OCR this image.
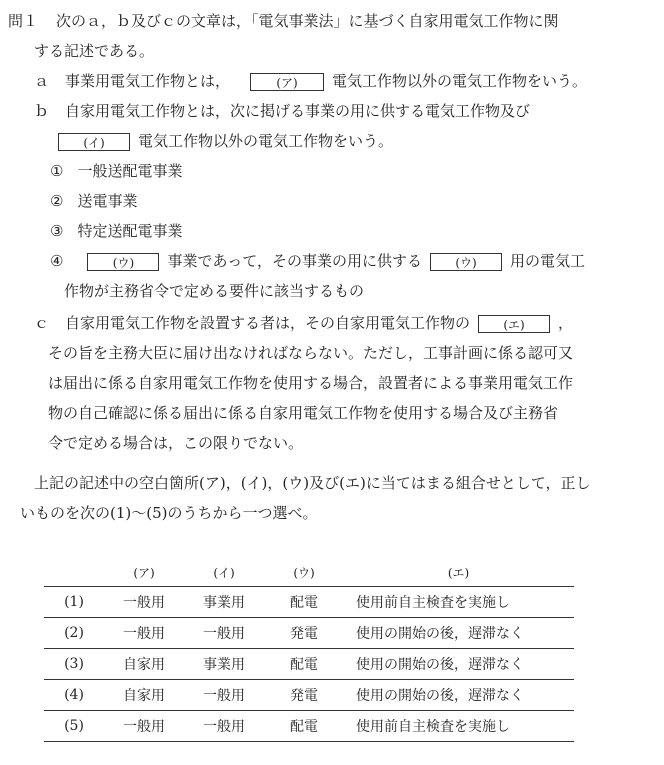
問１ 次のａ，ｂ及びｃの文章は，「電気事業法」に基づく自家用電気工作物に関
する記述である。
ａ 事業用電気工作物とは，	(ア) 電気工作物以外の電気工作物をいう。
ｂ 自家用電気工作物とは，次に掲げる事業の用に供する電気工作物及び
(イ) 電気工作物以外の電気工作物をいう。
① 一般送配電事業
② 送電事業
③ 特定送配電事業
④	(ウ) 事業であって，その事業の用に供する	(ウ) 用の電気工
作物が主務省令で定める要件に該当するもの
ｃ 自家用電気工作物を設置する者は，その自家用電気工作物の	(エ) ，
その旨を主務大臣に届け出なければならない。ただし，工事計画に係る認可又
は届出に係る自家用電気工作物を使用する場合，設置者による事業用電気工作
物の自己確認に係る届出に係る自家用電気工作物を使用する場合及び主務省
令で定める場合は，この限りでない。
上記の記述中の空白箇所(ア)，(イ)，(ウ)及び(エ)に当てはまる組合せとして，正し
いものを次の(1)～(5)のうちから一つ選べ。
	(ア)	(イ)	(ウ)	(エ)
(1)	一般用	事業用	配電	使用前自主検査を実施し
(2)	一般用	一般用	発電	使用の開始の後，遅滞なく
(3)	自家用	事業用	配電	使用の開始の後，遅滞なく
(4)	自家用	一般用	発電	使用の開始の後，遅滞なく
(5)	一般用	一般用	配電	使用前自主検査を実施し
